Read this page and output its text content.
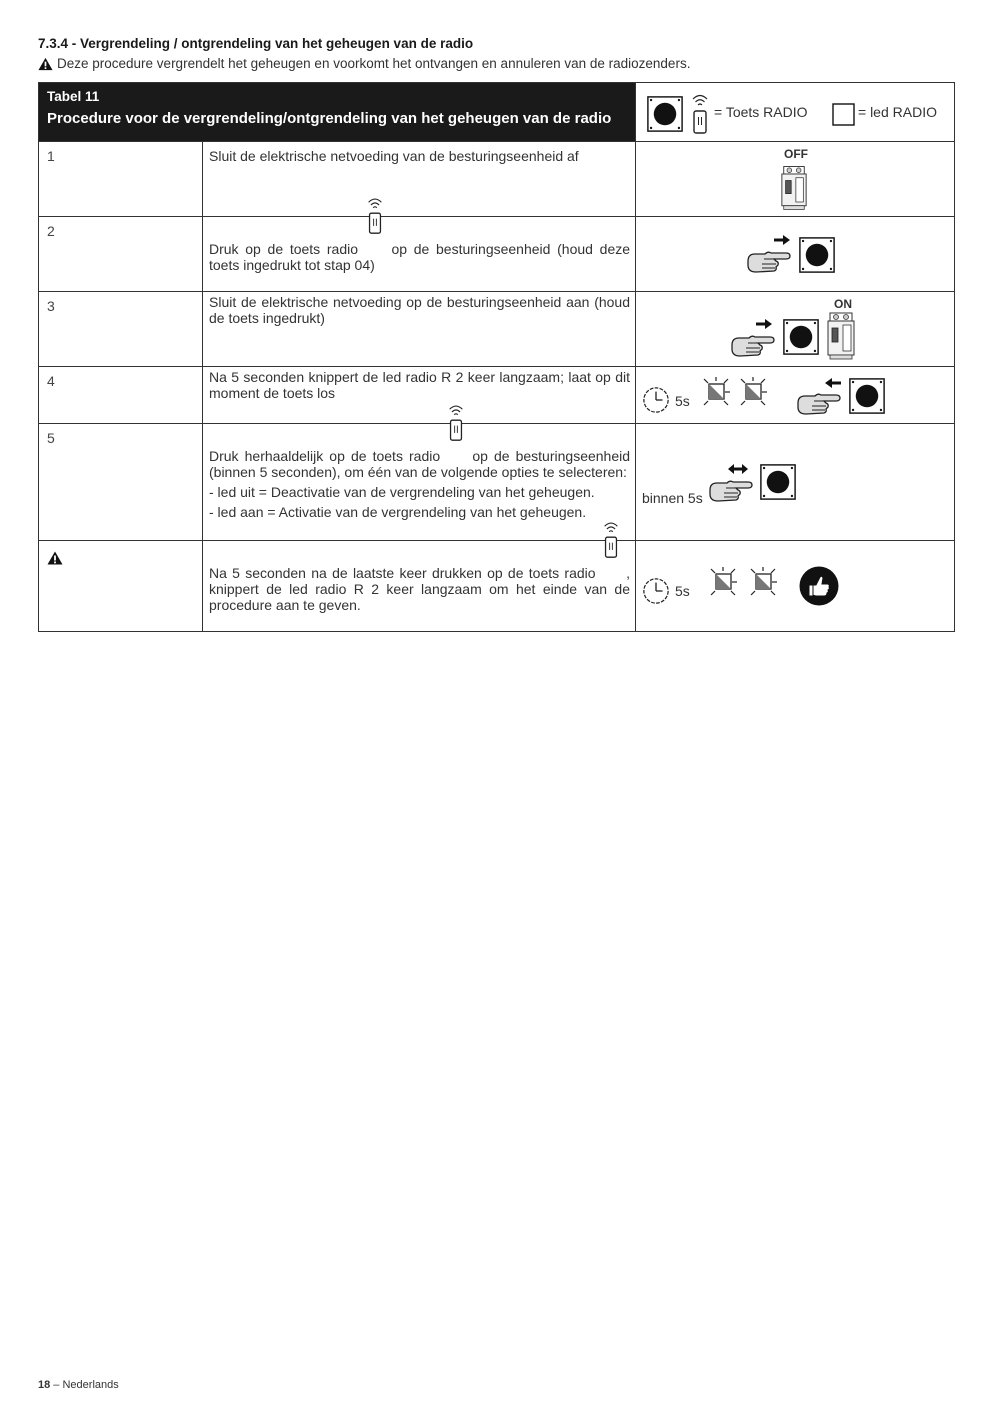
7.3.4 - Vergrendeling / ontgrendeling van het geheugen van de radio
Deze procedure vergrendelt het geheugen en voorkomt het ontvangen en annuleren van de radiozenders.
Tabel 11
Procedure voor de vergrendeling/ontgrendeling van het geheugen van de radio		= Toets RADIO = led RADIO

1	Sluit de elektrische netvoeding van de besturingseenheid af	OFF

2	Druk op de toets radio op de besturingseenheid (houd deze toets ingedrukt tot stap 04)

3	Sluit de elektrische netvoeding op de besturingseenheid aan (houd de toets ingedrukt)	ON

4	Na 5 seconden knippert de led radio R 2 keer langzaam; laat op dit moment de toets los	5s

5	Druk herhaaldelijk op de toets radio op de besturingseenheid (binnen 5 seconden), om één van de volgende opties te selecteren:
- led uit = Deactivatie van de vergrendeling van het geheugen.
- led aan = Activatie van de vergrendeling van het geheugen.	binnen 5s

Na 5 seconden na de laatste keer drukken op de toets radio , knippert de led radio R 2 keer langzaam om het einde van de procedure aan te geven.	5s
18 – Nederlands
